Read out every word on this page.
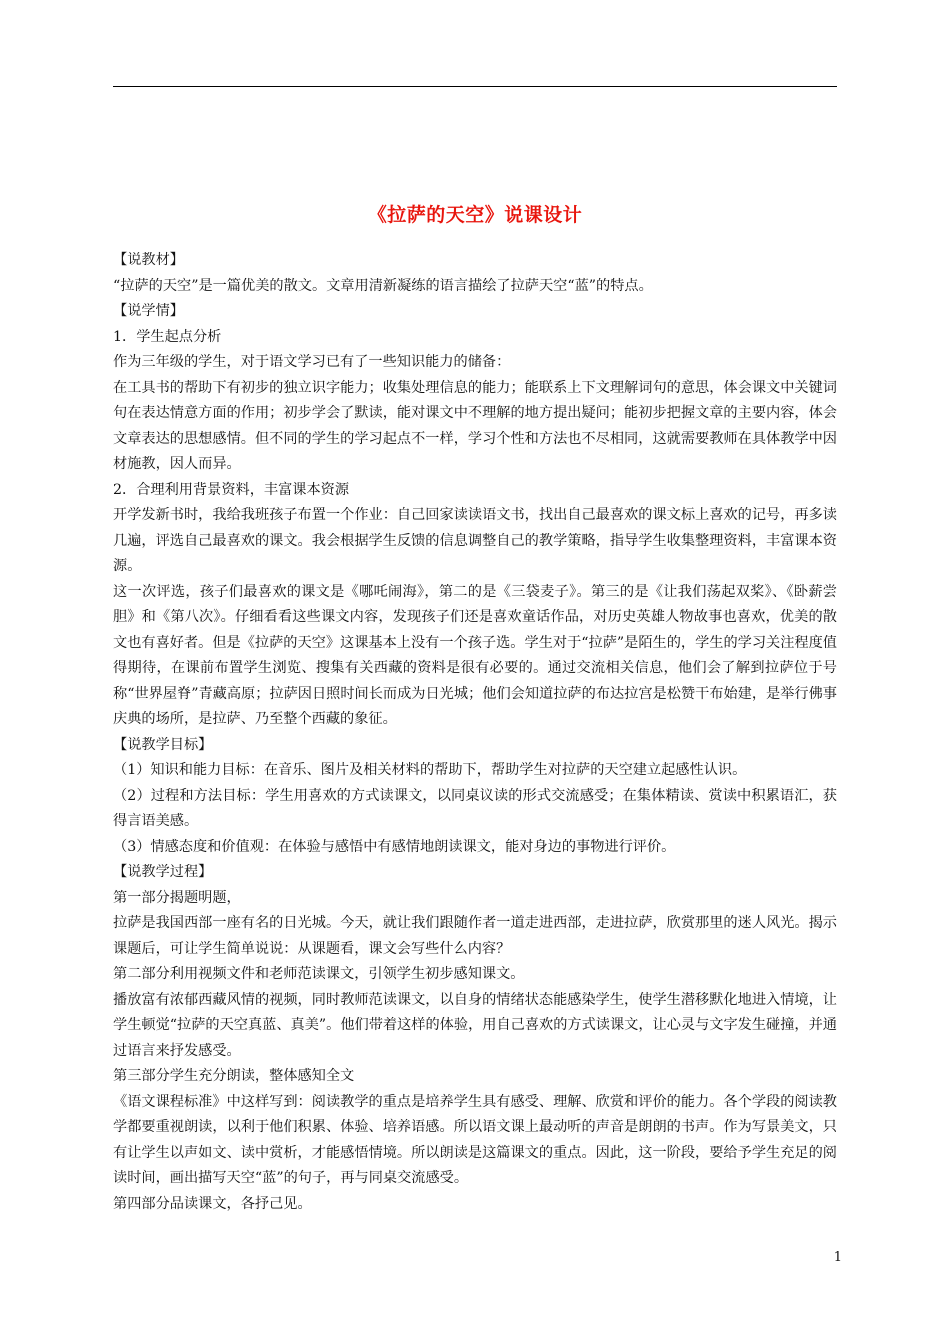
《拉萨的天空》说课设计

【说教材】

“拉萨的天空”是一篇优美的散文。文章用清新凝练的语言描绘了拉萨天空“蓝”的特点。

【说学情】

1．学生起点分析

作为三年级的学生，对于语文学习已有了一些知识能力的储备：

在工具书的帮助下有初步的独立识字能力；收集处理信息的能力；能联系上下文理解词句的意思，体会课文中关键词句在表达情意方面的作用；初步学会了默读，能对课文中不理解的地方提出疑问；能初步把握文章的主要内容，体会文章表达的思想感情。但不同的学生的学习起点不一样，学习个性和方法也不尽相同，这就需要教师在具体教学中因材施教，因人而异。

2．合理利用背景资料，丰富课本资源

开学发新书时，我给我班孩子布置一个作业：自己回家读读语文书，找出自己最喜欢的课文标上喜欢的记号，再多读几遍，评选自己最喜欢的课文。我会根据学生反馈的信息调整自己的教学策略，指导学生收集整理资料，丰富课本资源。

这一次评选，孩子们最喜欢的课文是《哪吒闹海》，第二的是《三袋麦子》。第三的是《让我们荡起双桨》、《卧薪尝胆》和《第八次》。仔细看看这些课文内容，发现孩子们还是喜欢童话作品，对历史英雄人物故事也喜欢，优美的散文也有喜好者。但是《拉萨的天空》这课基本上没有一个孩子选。学生对于“拉萨”是陌生的，学生的学习关注程度值得期待，在课前布置学生浏览、搜集有关西藏的资料是很有必要的。通过交流相关信息，他们会了解到拉萨位于号称“世界屋脊”青藏高原；拉萨因日照时间长而成为日光城；他们会知道拉萨的布达拉宫是松赞干布始建，是举行佛事庆典的场所，是拉萨、乃至整个西藏的象征。

【说教学目标】

（1）知识和能力目标：在音乐、图片及相关材料的帮助下，帮助学生对拉萨的天空建立起感性认识。

（2）过程和方法目标：学生用喜欢的方式读课文，以同桌议读的形式交流感受；在集体精读、赏读中积累语汇，获得言语美感。

（3）情感态度和价值观：在体验与感悟中有感情地朗读课文，能对身边的事物进行评价。

【说教学过程】

第一部分揭题明题，

拉萨是我国西部一座有名的日光城。今天，就让我们跟随作者一道走进西部，走进拉萨，欣赏那里的迷人风光。揭示课题后，可让学生简单说说：从课题看，课文会写些什么内容？

第二部分利用视频文件和老师范读课文，引领学生初步感知课文。

播放富有浓郁西藏风情的视频，同时教师范读课文，以自身的情绪状态能感染学生，使学生潜移默化地进入情境，让学生顿觉“拉萨的天空真蓝、真美”。他们带着这样的体验，用自己喜欢的方式读课文，让心灵与文字发生碰撞，并通过语言来抒发感受。

第三部分学生充分朗读，整体感知全文

《语文课程标准》中这样写到：阅读教学的重点是培养学生具有感受、理解、欣赏和评价的能力。各个学段的阅读教学都要重视朗读，以利于他们积累、体验、培养语感。所以语文课上最动听的声音是朗朗的书声。作为写景美文，只有让学生以声如文、读中赏析，才能感悟情境。所以朗读是这篇课文的重点。因此，这一阶段，要给予学生充足的阅读时间，画出描写天空“蓝”的句子，再与同桌交流感受。

第四部分品读课文，各抒己见。

1
